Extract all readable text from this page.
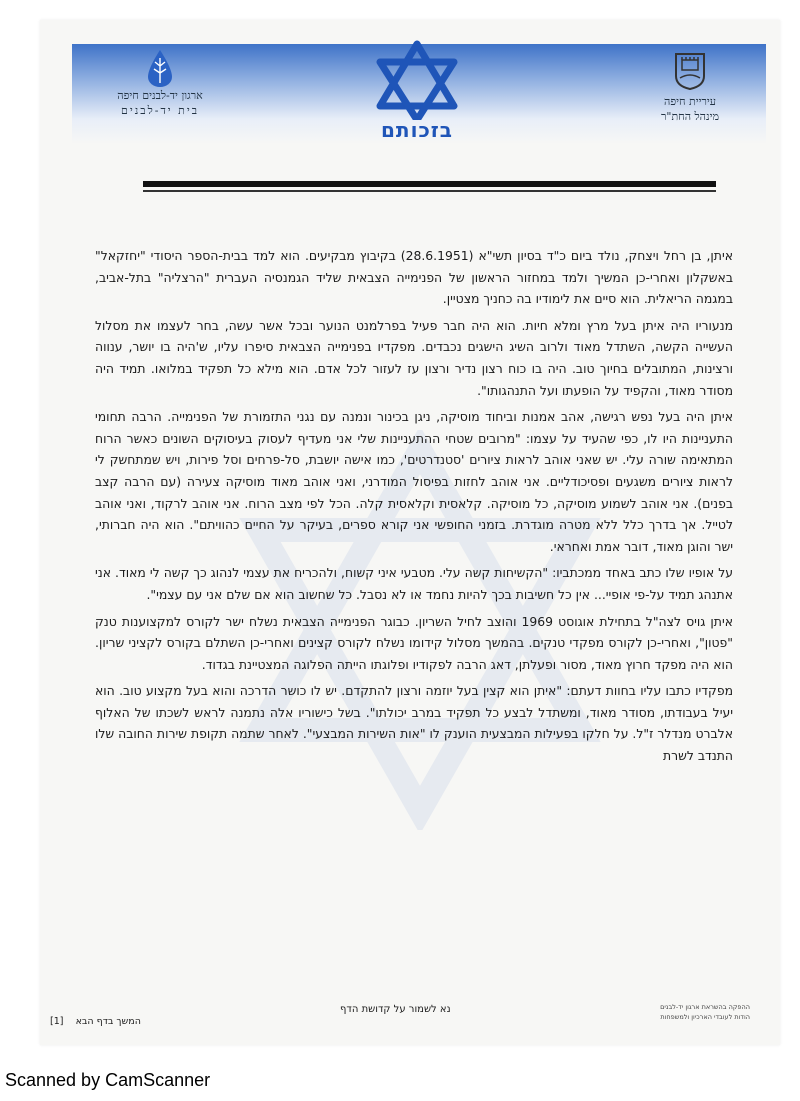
ארגון יד-לבנים חיפה
בית יד-לבנים
בזכותם
עיריית חיפה
מינהל החת"ר

איתן, בן רחל ויצחק, נולד ביום כ"ד בסיון תשי"א (28.6.1951) בקיבוץ מבקיעים. הוא למד בבית-הספר היסודי "יחזקאל" באשקלון ואחרי-כן המשיך ולמד במחזור הראשון של הפנימייה הצבאית שליד הגמנסיה העברית "הרצליה" בתל-אביב, במגמה הריאלית. הוא סיים את לימודיו בה כחניך מצטיין.

מנעוריו היה איתן בעל מרץ ומלא חיות. הוא היה חבר פעיל בפרלמנט הנוער ובכל אשר עשה, בחר לעצמו את מסלול העשייה הקשה, השתדל מאוד ולרוב השיג הישגים נכבדים. מפקדיו בפנימייה הצבאית סיפרו עליו, ש'היה בו יושר, ענווה ורצינות, המתובלים בחיוך טוב. היה בו כוח רצון נדיר ורצון עז לעזור לכל אדם. הוא מילא כל תפקיד במלואו. תמיד היה מסודר מאוד, והקפיד על הופעתו ועל התנהגותו".

איתן היה בעל נפש רגישה, אהב אמנות וביחוד מוסיקה, ניגן בכינור ונמנה עם נגני התזמורת של הפנימייה. הרבה תחומי התעניינות היו לו, כפי שהעיד על עצמו: "מרובים שטחי ההתעניינות שלי אני מעדיף לעסוק בעיסוקים השונים כאשר הרוח המתאימה שורה עלי. יש שאני אוהב לראות ציורים 'סטנדרטים', כמו אישה יושבת, סל-פרחים וסל פירות, ויש שמתחשק לי לראות ציורים משגעים ופסיכודליים. אני אוהב לחזות בפיסול המודרני, ואני אוהב מאוד מוסיקה צעירה (עם הרבה קצב בפנים). אני אוהב לשמוע מוסיקה, כל מוסיקה. קלאסית וקלאסית קלה. הכל לפי מצב הרוח. אני אוהב לרקוד, ואני אוהב לטייל. אך בדרך כלל ללא מטרה מוגדרת. בזמני החופשי אני קורא ספרים, בעיקר על החיים כהוויתם". הוא היה חברותי, ישר והוגן מאוד, דובר אמת ואחראי.

על אופיו שלו כתב באחד ממכתביו: "הקשיחות קשה עלי. מטבעי איני קשוח, ולהכריח את עצמי לנהוג כך קשה לי מאוד. אני אתנהג תמיד על-פי אופיי... אין כל חשיבות בכך להיות נחמד או לא נסבל. כל שחשוב הוא אם שלם אני עם עצמי".

איתן גויס לצה"ל בתחילת אוגוסט 1969 והוצב לחיל השריון. כבוגר הפנימייה הצבאית נשלח ישר לקורס למקצוענות טנק "פטון", ואחרי-כן לקורס מפקדי טנקים. בהמשך מסלול קידומו נשלח לקורס קצינים ואחרי-כן השתלם בקורס לקציני שריון. הוא היה מפקד חרוץ מאוד, מסור ופעלתן, דאג הרבה לפקודיו ופלוגתו הייתה הפלוגה המצטיינת בגדוד.

מפקדיו כתבו עליו בחוות דעתם: "איתן הוא קצין בעל יוזמה ורצון להתקדם. יש לו כושר הדרכה והוא בעל מקצוע טוב. הוא יעיל בעבודתו, מסודר מאוד, ומשתדל לבצע כל תפקיד במרב יכולתו". בשל כישוריו אלה נתמנה לראש לשכתו של האלוף אלברט מנדלר ז"ל. על חלקו בפעילות המבצעית הוענק לו "אות השירות המבצעי". לאחר שתמה תקופת שירות החובה שלו התנדב לשרת

המשך בדף הבא    [1]
נא לשמור על קדושת הדף	ההפקה בהשראת ארגון יד-לבנים
הודות לעובדי הארכיון ולמשפחות
Scanned by CamScanner
